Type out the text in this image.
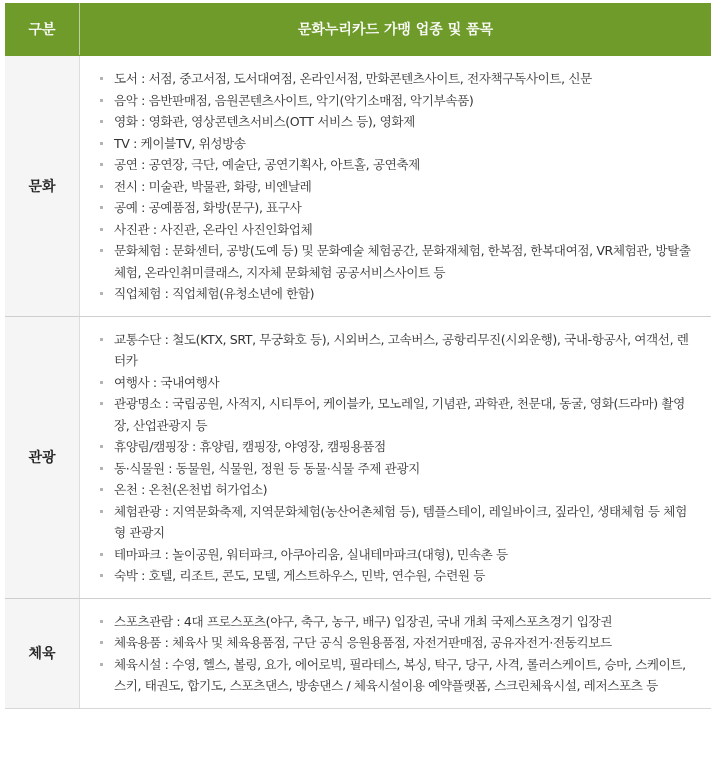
구분	문화누리카드 가맹 업종 및 품목
문화
도서 : 서점, 중고서점, 도서대여점, 온라인서점, 만화콘텐츠사이트, 전자책구독사이트, 신문
음악 : 음반판매점, 음원콘텐츠사이트, 악기(악기소매점, 악기부속품)
영화 : 영화관, 영상콘텐츠서비스(OTT 서비스 등), 영화제
TV : 케이블TV, 위성방송
공연 : 공연장, 극단, 예술단, 공연기획사, 아트홀, 공연축제
전시 : 미술관, 박물관, 화랑, 비엔날레
공예 : 공예품점, 화방(문구), 표구사
사진관 : 사진관, 온라인 사진인화업체
문화체험 : 문화센터, 공방(도예 등) 및 문화예술 체험공간, 문화재체험, 한복점, 한복대여점, VR체험관, 방탈출체험, 온라인취미클래스, 지자체 문화체험 공공서비스사이트 등
직업체험 : 직업체험(유청소년에 한함)
관광
교통수단 : 철도(KTX, SRT, 무궁화호 등), 시외버스, 고속버스, 공항리무진(시외운행), 국내-항공사, 여객선, 렌터카
여행사 : 국내여행사
관광명소 : 국립공원, 사적지, 시티투어, 케이블카, 모노레일, 기념관, 과학관, 천문대, 동굴, 영화(드라마) 촬영장, 산업관광지 등
휴양림/캠핑장 : 휴양림, 캠핑장, 야영장, 캠핑용품점
동·식물원 : 동물원, 식물원, 정원 등 동물·식물 주제 관광지
온천 : 온천(온천법 허가업소)
체험관광 : 지역문화축제, 지역문화체험(농산어촌체험 등), 템플스테이, 레일바이크, 짚라인, 생태체험 등 체험형 관광지
테마파크 : 놀이공원, 워터파크, 아쿠아리움, 실내테마파크(대형), 민속촌 등
숙박 : 호텔, 리조트, 콘도, 모텔, 게스트하우스, 민박, 연수원, 수련원 등
체육
스포츠관람 : 4대 프로스포츠(야구, 축구, 농구, 배구) 입장권, 국내 개최 국제스포츠경기 입장권
체육용품 : 체육사 및 체육용품점, 구단 공식 응원용품점, 자전거판매점, 공유자전거·전동킥보드
체육시설 : 수영, 헬스, 볼링, 요가, 에어로빅, 필라테스, 복싱, 탁구, 당구, 사격, 롤러스케이트, 승마, 스케이트, 스키, 태권도, 합기도, 스포츠댄스, 방송댄스 / 체육시설이용 예약플랫폼, 스크린체육시설, 레저스포츠 등
